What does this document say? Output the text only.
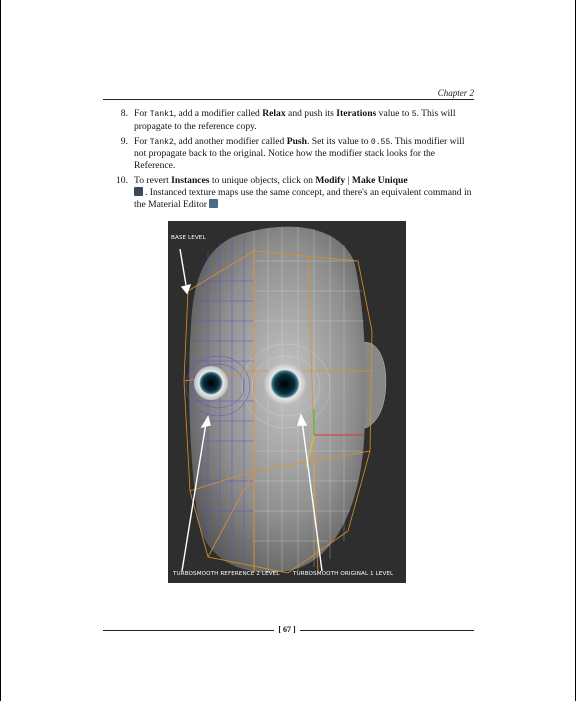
Chapter 2
8. For Tank1, add a modifier called Relax and push its Iterations value to 5. This will propagate to the reference copy.
9. For Tank2, add another modifier called Push. Set its value to 0.55. This modifier will not propagate back to the original. Notice how the modifier stack looks for the Reference.
10. To revert Instances to unique objects, click on Modify | Make Unique
. Instanced texture maps use the same concept, and there's an equivalent command in the Material Editor
BASE LEVEL
TURBOSMOOTH REFERENCE 2 LEVEL TURBOSMOOTH ORIGINAL 1 LEVEL
[ 67 ]
